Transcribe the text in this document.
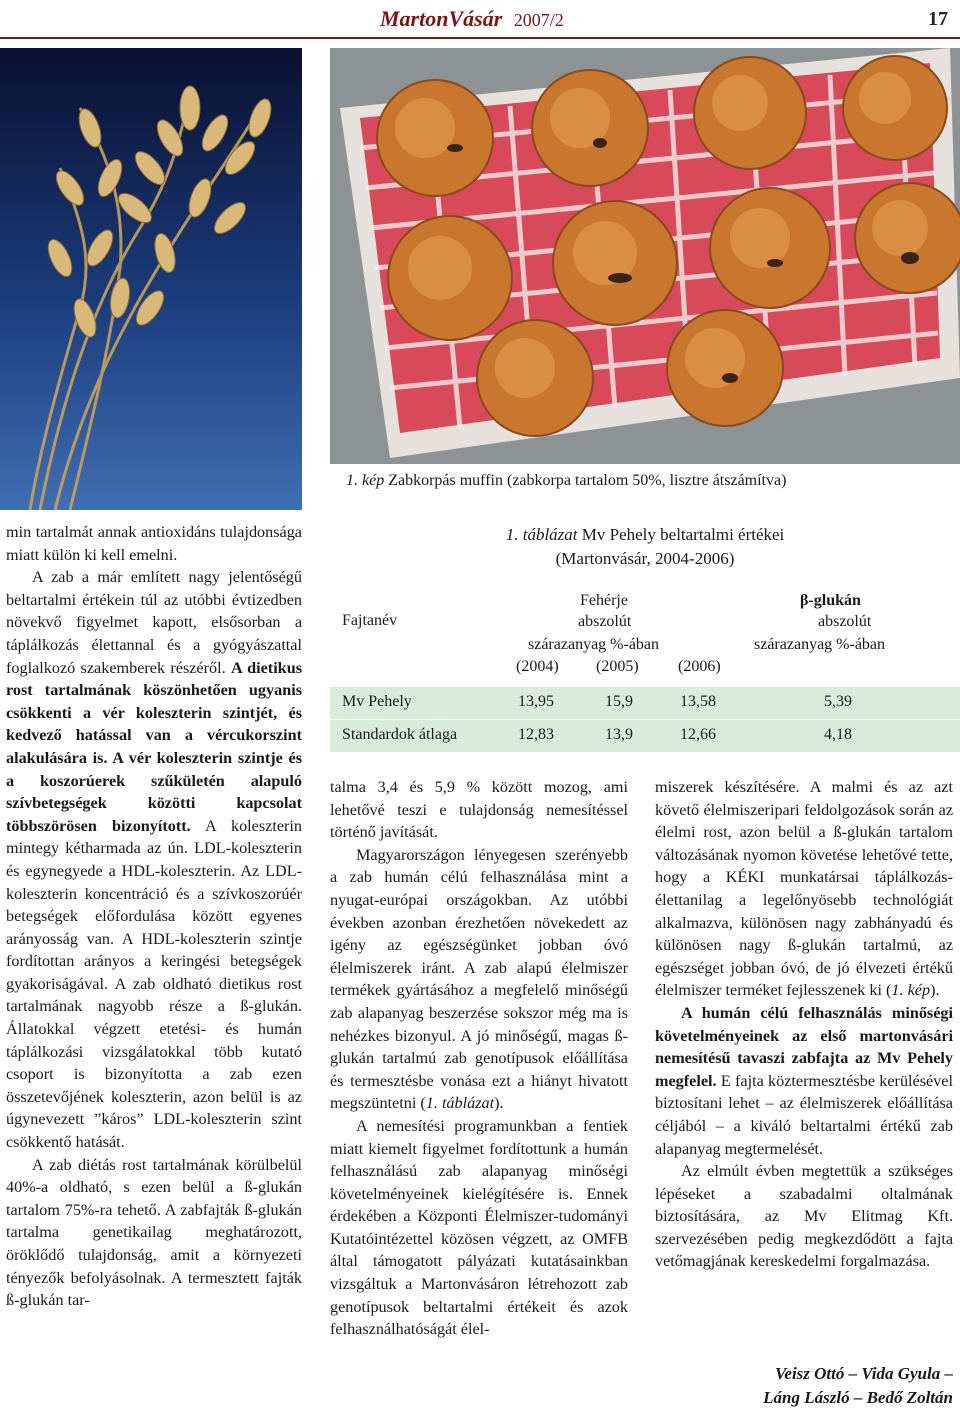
MartonVásár 2007/2	17
1. kép Zabkorpás muffin (zabkorpa tartalom 50%, lisztre átszámítva)
1. táblázat Mv Pehely beltartalmi értékei
(Martonvásár, 2004-2006)
Fajtanév
Fehérje
abszolút
szárazanyag %-ában
(2004) (2005) (2006)
β-glukán
abszolút
szárazanyag %-ában
Mv Pehely	13,95	15,9	13,58	5,39
Standardok átlaga	12,83	13,9	12,66	4,18

min tartalmát annak antioxidáns tulajdonsága miatt külön ki kell emelni.

A zab a már említett nagy jelentőségű beltartalmi értékein túl az utóbbi évtizedben növekvő figyelmet kapott, elsősorban a táplálkozás élettannal és a gyógyászattal foglalkozó szakemberek részéről. A dietikus rost tartalmának köszönhetően ugyanis csökkenti a vér koleszterin szintjét, és kedvező hatással van a vércukorszint alakulására is. A vér koleszterin szintje és a koszorúerek szűkületén alapuló szívbetegségek közötti kapcsolat többszörösen bizonyított. A koleszterin mintegy kétharmada az ún. LDL-koleszterin és egynegyede a HDL-koleszterin. Az LDL-koleszterin koncentráció és a szívkoszorúér betegségek előfordulása között egyenes arányosság van. A HDL-koleszterin szintje fordítottan arányos a keringési betegségek gyakoriságával. A zab oldható dietikus rost tartalmának nagyobb része a ß-glukán. Állatokkal végzett etetési- és humán táplálkozási vizsgálatokkal több kutató csoport is bizonyította a zab ezen összetevőjének koleszterin, azon belül is az úgynevezett ”káros” LDL-koleszterin szint csökkentő hatását.

A zab diétás rost tartalmának körülbelül 40%-a oldható, s ezen belül a ß-glukán tartalom 75%-ra tehető. A zabfajták ß-glukán tartalma genetikailag meghatározott, öröklődő tulajdonság, amit a környezeti tényezők befolyásolnak. A termesztett fajták ß-glukán tar-

talma 3,4 és 5,9 % között mozog, ami lehetővé teszi e tulajdonság nemesítéssel történő javítását.

Magyarországon lényegesen szerényebb a zab humán célú felhasználása mint a nyugat-európai országokban. Az utóbbi években azonban érezhetően növekedett az igény az egészségünket jobban óvó élelmiszerek iránt. A zab alapú élelmiszer termékek gyártásához a megfelelő minőségű zab alapanyag beszerzése sokszor még ma is nehézkes bizonyul. A jó minőségű, magas ß-glukán tartalmú zab genotípusok előállítása és termesztésbe vonása ezt a hiányt hivatott megszüntetni (1. táblázat).

A nemesítési programunkban a fentiek miatt kiemelt figyelmet fordítottunk a humán felhasználású zab alapanyag minőségi követelményeinek kielégítésére is. Ennek érdekében a Központi Élelmiszer-tudományi Kutatóintézettel közösen végzett, az OMFB által támogatott pályázati kutatásainkban vizsgáltuk a Martonvásáron létrehozott zab genotípusok beltartalmi értékeit és azok felhasználhatóságát élel-

miszerek készítésére. A malmi és az azt követő élelmiszeripari feldolgozások során az élelmi rost, azon belül a ß-glukán tartalom változásának nyomon követése lehetővé tette, hogy a KÉKI munkatársai táplálkozás-élettanilag a legelőnyösebb technológiát alkalmazva, különösen nagy zabhányadú és különösen nagy ß-glukán tartalmú, az egészséget jobban óvó, de jó élvezeti értékű élelmiszer terméket fejlesszenek ki (1. kép).

A humán célú felhasználás minőségi követelményeinek az első martonvásári nemesítésű tavaszi zabfajta az Mv Pehely megfelel. E fajta köztermesztésbe kerülésével biztosítani lehet – az élelmiszerek előállítása céljából – a kiváló beltartalmi értékű zab alapanyag megtermelését.

Az elmúlt évben megtettük a szükséges lépéseket a szabadalmi oltalmának biztosítására, az Mv Elitmag Kft. szervezésében pedig megkezdődött a fajta vetőmagjának kereskedelmi forgalmazása.

Veisz Ottó – Vida Gyula –
Láng László – Bedő Zoltán
